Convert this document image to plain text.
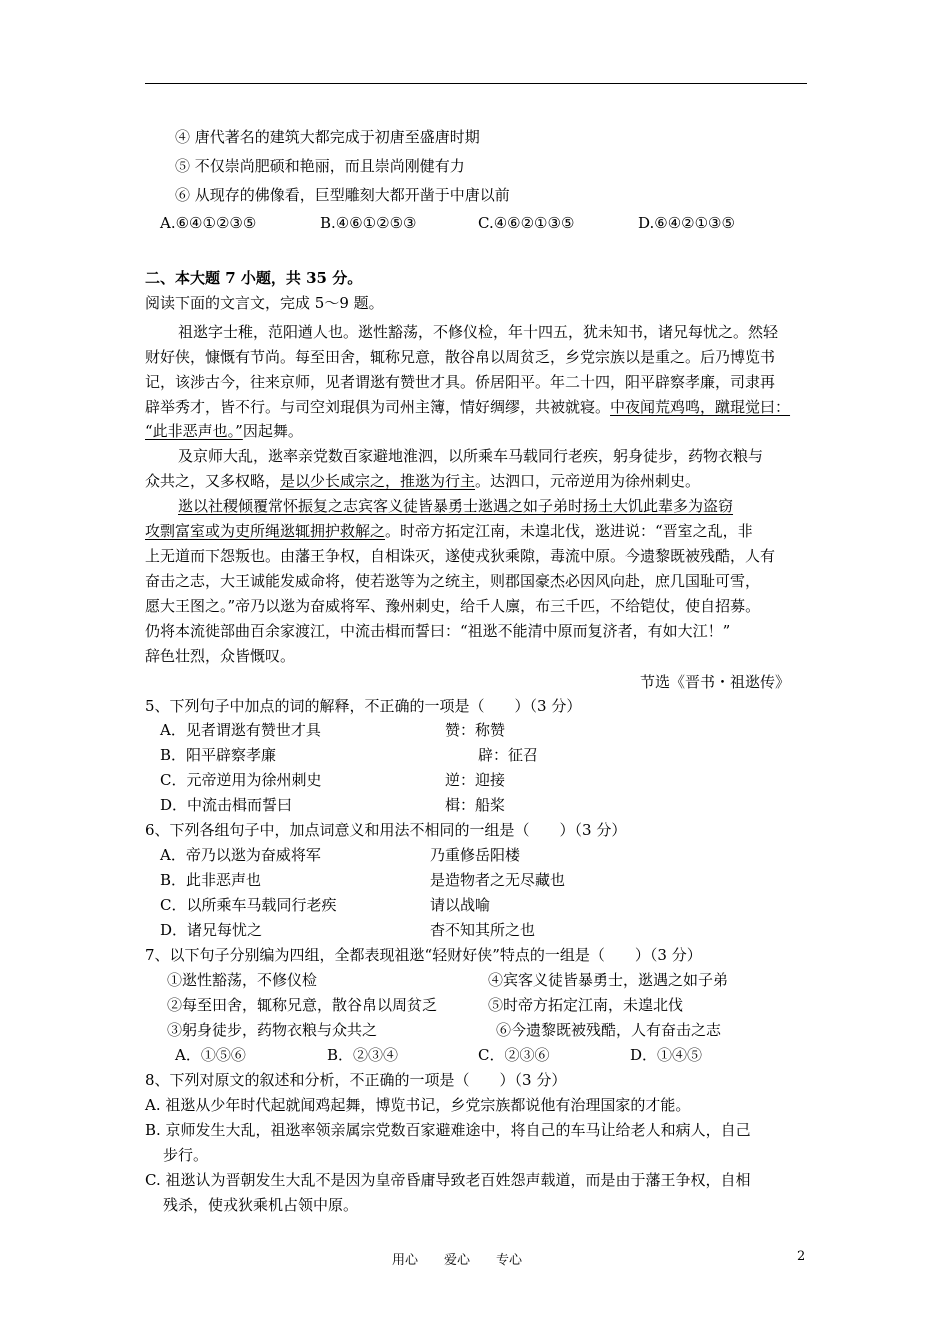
④ 唐代著名的建筑大都完成于初唐至盛唐时期
⑤ 不仅崇尚肥硕和艳丽，而且崇尚刚健有力
⑥ 从现存的佛像看，巨型雕刻大都开凿于中唐以前
A.⑥④①②③⑤	B.④⑥①②⑤③	C.④⑥②①③⑤	D.⑥④②①③⑤
二、本大题 7 小题，共 35 分。
阅读下面的文言文，完成 5～9 题。
祖逖字士稚，范阳遒人也。逖性豁荡，不修仪检，年十四五，犹未知书，诸兄每忧之。然轻
财好侠，慷慨有节尚。每至田舍，辄称兄意，散谷帛以周贫乏，乡党宗族以是重之。后乃博览书
记，该涉古今，往来京师，见者谓逖有赞世才具。侨居阳平。年二十四，阳平辟察孝廉，司隶再
辟举秀才，皆不行。与司空刘琨俱为司州主簿，情好绸缪，共被就寝。中夜闻荒鸡鸣，蹴琨觉曰：
“此非恶声也。”因起舞。
及京师大乱，逖率亲党数百家避地淮泗，以所乘车马载同行老疾，躬身徒步，药物衣粮与
众共之，又多权略，是以少长咸宗之，推逖为行主。达泗口，元帝逆用为徐州刺史。
逖以社稷倾覆常怀振复之志宾客义徒皆暴勇士逖遇之如子弟时扬土大饥此辈多为盗窃
攻剽富室或为吏所绳逖辄拥护救解之。时帝方拓定江南，未遑北伐，逖进说：“晋室之乱，非
上无道而下怨叛也。由藩王争权，自相诛灭，遂使戎狄乘隙，毒流中原。今遗黎既被残酷，人有
奋击之志，大王诚能发威命将，使若逖等为之统主，则郡国豪杰必因风向赴，庶几国耻可雪，
愿大王图之。”帝乃以逖为奋威将军、豫州刺史，给千人廪，布三千匹，不给铠仗，使自招募。
仍将本流徙部曲百余家渡江，中流击楫而誓曰：“祖逖不能清中原而复济者，有如大江！”
辞色壮烈，众皆慨叹。
节选《晋书・祖逖传》
5、下列句子中加点的词的解释，不正确的一项是（　　）（3 分）
A．见者谓逖有赞世才具	赞：称赞
B．阳平辟察孝廉	辟：征召
C．元帝逆用为徐州刺史	逆：迎接
D．中流击楫而誓曰	楫：船桨
6、下列各组句子中，加点词意义和用法不相同的一组是（　　）（3 分）
A．帝乃以逖为奋威将军	乃重修岳阳楼
B．此非恶声也	是造物者之无尽藏也
C．以所乘车马载同行老疾	请以战喻
D．诸兄每忧之	杳不知其所之也
7、以下句子分别编为四组，全都表现祖逖“轻财好侠”特点的一组是（　　）（3 分）
①逖性豁荡，不修仪检	④宾客义徒皆暴勇士，逖遇之如子弟
②每至田舍，辄称兄意，散谷帛以周贫乏	⑤时帝方拓定江南，未遑北伐
③躬身徒步，药物衣粮与众共之	⑥今遗黎既被残酷，人有奋击之志
A．①⑤⑥	B．②③④	C．②③⑥	D．①④⑤
8、下列对原文的叙述和分析，不正确的一项是（　　）（3 分）
A. 祖逖从少年时代起就闻鸡起舞，博览书记，乡党宗族都说他有治理国家的才能。
B. 京师发生大乱，祖逖率领亲属宗党数百家避难途中，将自己的车马让给老人和病人，自己
步行。
C. 祖逖认为晋朝发生大乱不是因为皇帝昏庸导致老百姓怨声载道，而是由于藩王争权，自相
残杀，使戎狄乘机占领中原。
用心　　爱心　　专心	2
